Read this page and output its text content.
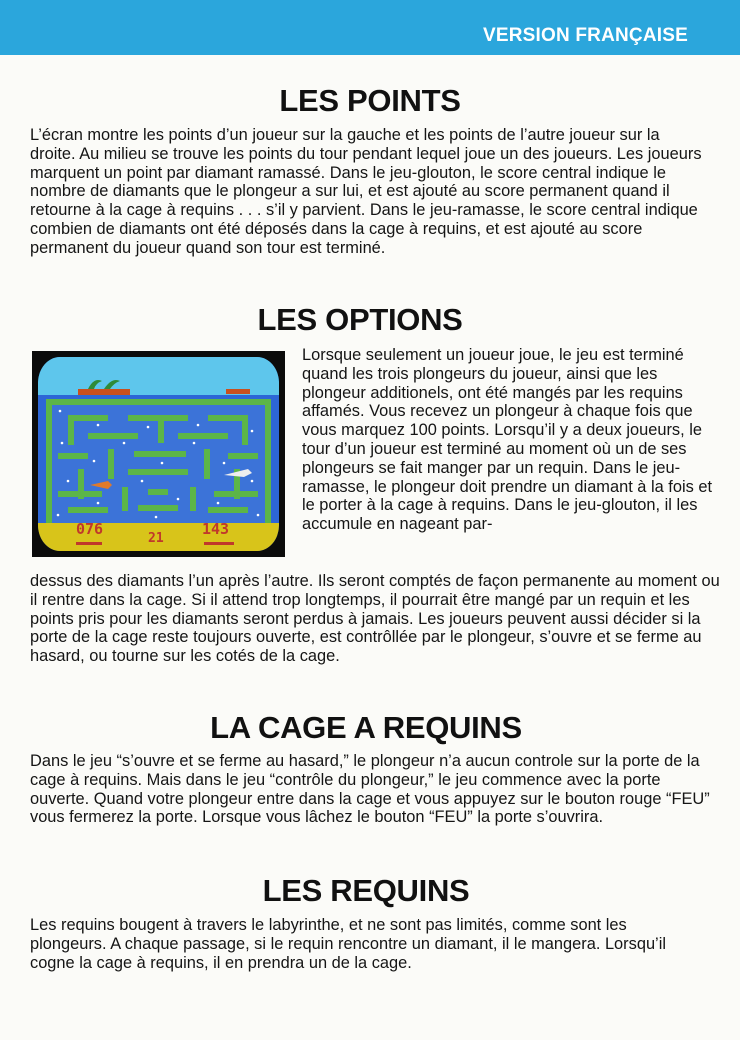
VERSION FRANÇAISE
LES POINTS

L’écran montre les points d’un joueur sur la gauche et les points de l’autre joueur sur la droite. Au milieu se trouve les points du tour pendant lequel joue un des joueurs. Les joueurs marquent un point par diamant ramassé. Dans le jeu-glouton, le score central indique le nombre de diamants que le plongeur a sur lui, et est ajouté au score permanent quand il retourne à la cage à requins . . . s’il y parvient. Dans le jeu-ramasse, le score central indique combien de diamants ont été déposés dans la cage à requins, et est ajouté au score permanent du joueur quand son tour est terminé.

LES OPTIONS
076
21
143

Lorsque seulement un joueur joue, le jeu est terminé quand les trois plongeurs du joueur, ainsi que les plongeur additionels, ont été mangés par les requins affamés. Vous recevez un plongeur à chaque fois que vous marquez 100 points. Lorsqu’il y a deux joueurs, le tour d’un joueur est terminé au moment où un de ses plongeurs se fait manger par un requin. Dans le jeu-ramasse, le plongeur doit prendre un diamant à la fois et le porter à la cage à requins. Dans le jeu-glouton, il les accumule en nageant par-

dessus des diamants l’un après l’autre. Ils seront comptés de façon permanente au moment ou il rentre dans la cage. Si il attend trop longtemps, il pourrait être mangé par un requin et les points pris pour les diamants seront perdus à jamais. Les joueurs peuvent aussi décider si la porte de la cage reste toujours ouverte, est contrôllée par le plongeur, s’ouvre et se ferme au hasard, ou tourne sur les cotés de la cage.

LA CAGE A REQUINS

Dans le jeu “s’ouvre et se ferme au hasard,” le plongeur n’a aucun controle sur la porte de la cage à requins. Mais dans le jeu “contrôle du plongeur,” le jeu commence avec la porte ouverte. Quand votre plongeur entre dans la cage et vous appuyez sur le bouton rouge “FEU” vous fermerez la porte. Lorsque vous lâchez le bouton “FEU” la porte s’ouvrira.

LES REQUINS

Les requins bougent à travers le labyrinthe, et ne sont pas limités, comme sont les plongeurs. A chaque passage, si le requin rencontre un diamant, il le mangera. Lorsqu’il cogne la cage à requins, il en prendra un de la cage.
